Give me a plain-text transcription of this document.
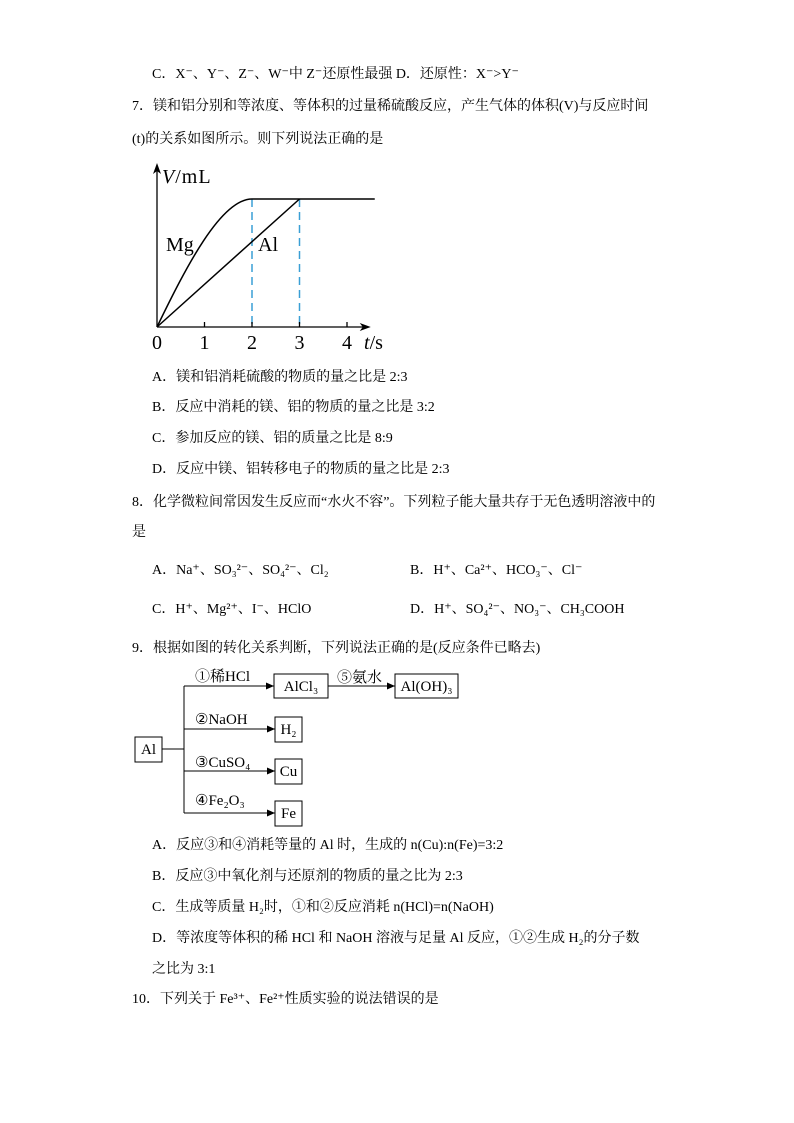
C．X⁻、Y⁻、Z⁻、W⁻中 Z⁻还原性最强 D．还原性：X⁻>Y⁻
7．镁和铝分别和等浓度、等体积的过量稀硫酸反应，产生气体的体积(V)与反应时间
(t)的关系如图所示。则下列说法正确的是
Mg	Al
0 1 2 3 4
V/mL
t/s
A．镁和铝消耗硫酸的物质的量之比是 2:3
B．反应中消耗的镁、铝的物质的量之比是 3:2
C．参加反应的镁、铝的质量之比是 8:9
D．反应中镁、铝转移电子的物质的量之比是 2:3
8．化学微粒间常因发生反应而“水火不容”。下列粒子能大量共存于无色透明溶液中的
是
A．Na⁺、SO₃²⁻、SO₄²⁻、Cl₂	B．H⁺、Ca²⁺、HCO₃⁻、Cl⁻
C．H⁺、Mg²⁺、I⁻、HClO	D．H⁺、SO₄²⁻、NO₃⁻、CH₃COOH
9．根据如图的转化关系判断，下列说法正确的是(反应条件已略去)
Al
①稀HCl
AlCl₃
⑤氨水
Al(OH)₃
②NaOH
H₂
③CuSO₄
Cu
④Fe₂O₃
Fe
A．反应③和④消耗等量的 Al 时，生成的 n(Cu):n(Fe)=3:2
B．反应③中氧化剂与还原剂的物质的量之比为 2:3
C．生成等质量 H₂时，①和②反应消耗 n(HCl)=n(NaOH)
D．等浓度等体积的稀 HCl 和 NaOH 溶液与足量 Al 反应，①②生成 H₂的分子数
之比为 3:1
10．下列关于 Fe³⁺、Fe²⁺性质实验的说法错误的是
